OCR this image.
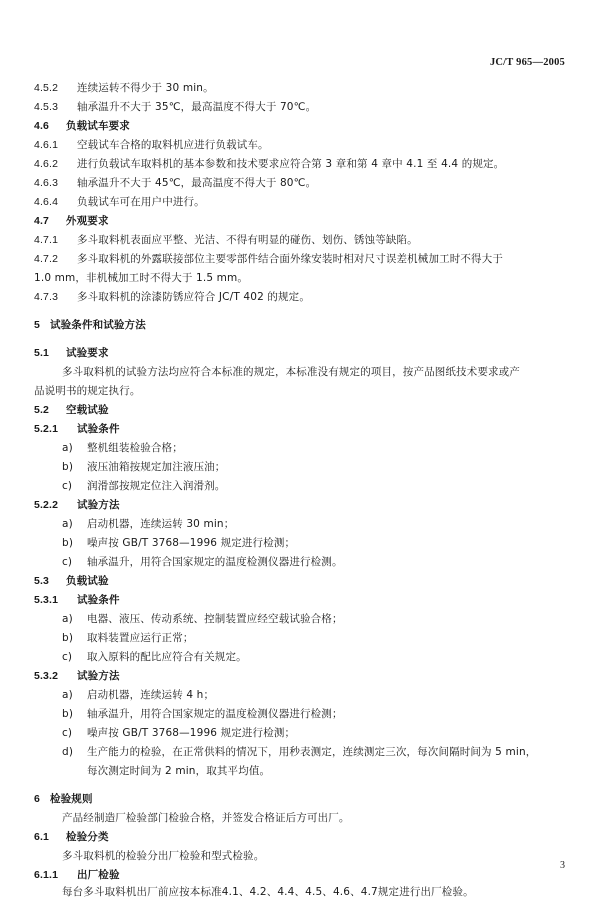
JC/T 965—2005
4.5.2 连续运转不得少于 30 min。
4.5.3 轴承温升不大于 35℃，最高温度不得大于 70℃。
4.6 负载试车要求
4.6.1 空载试车合格的取料机应进行负载试车。
4.6.2 进行负载试车取料机的基本参数和技术要求应符合第 3 章和第 4 章中 4.1 至 4.4 的规定。
4.6.3 轴承温升不大于 45℃，最高温度不得大于 80℃。
4.6.4 负载试车可在用户中进行。
4.7 外观要求
4.7.1 多斗取料机表面应平整、光洁、不得有明显的碰伤、划伤、锈蚀等缺陷。
4.7.2 多斗取料机的外露联接部位主要零部件结合面外缘安装时相对尺寸误差机械加工时不得大于
1.0 mm，非机械加工时不得大于 1.5 mm。
4.7.3 多斗取料机的涂漆防锈应符合 JC/T 402 的规定。
5 试验条件和试验方法
5.1 试验要求
多斗取料机的试验方法均应符合本标准的规定，本标准没有规定的项目，按产品图纸技术要求或产
品说明书的规定执行。
5.2 空载试验
5.2.1 试验条件
a) 整机组装检验合格；
b) 液压油箱按规定加注液压油；
c) 润滑部按规定位注入润滑剂。
5.2.2 试验方法
a) 启动机器，连续运转 30 min；
b) 噪声按 GB/T 3768—1996 规定进行检测；
c) 轴承温升，用符合国家规定的温度检测仪器进行检测。
5.3 负载试验
5.3.1 试验条件
a) 电器、液压、传动系统、控制装置应经空载试验合格；
b) 取料装置应运行正常；
c) 取入原料的配比应符合有关规定。
5.3.2 试验方法
a) 启动机器，连续运转 4 h；
b) 轴承温升，用符合国家规定的温度检测仪器进行检测；
c) 噪声按 GB/T 3768—1996 规定进行检测；
d) 生产能力的检验，在正常供料的情况下，用秒表测定，连续测定三次，每次间隔时间为 5 min，
每次测定时间为 2 min，取其平均值。
6 检验规则
产品经制造厂检验部门检验合格，并签发合格证后方可出厂。
6.1 检验分类
多斗取料机的检验分出厂检验和型式检验。
6.1.1 出厂检验
每台多斗取料机出厂前应按本标准4.1、4.2、4.4、4.5、4.6、4.7规定进行出厂检验。
3
